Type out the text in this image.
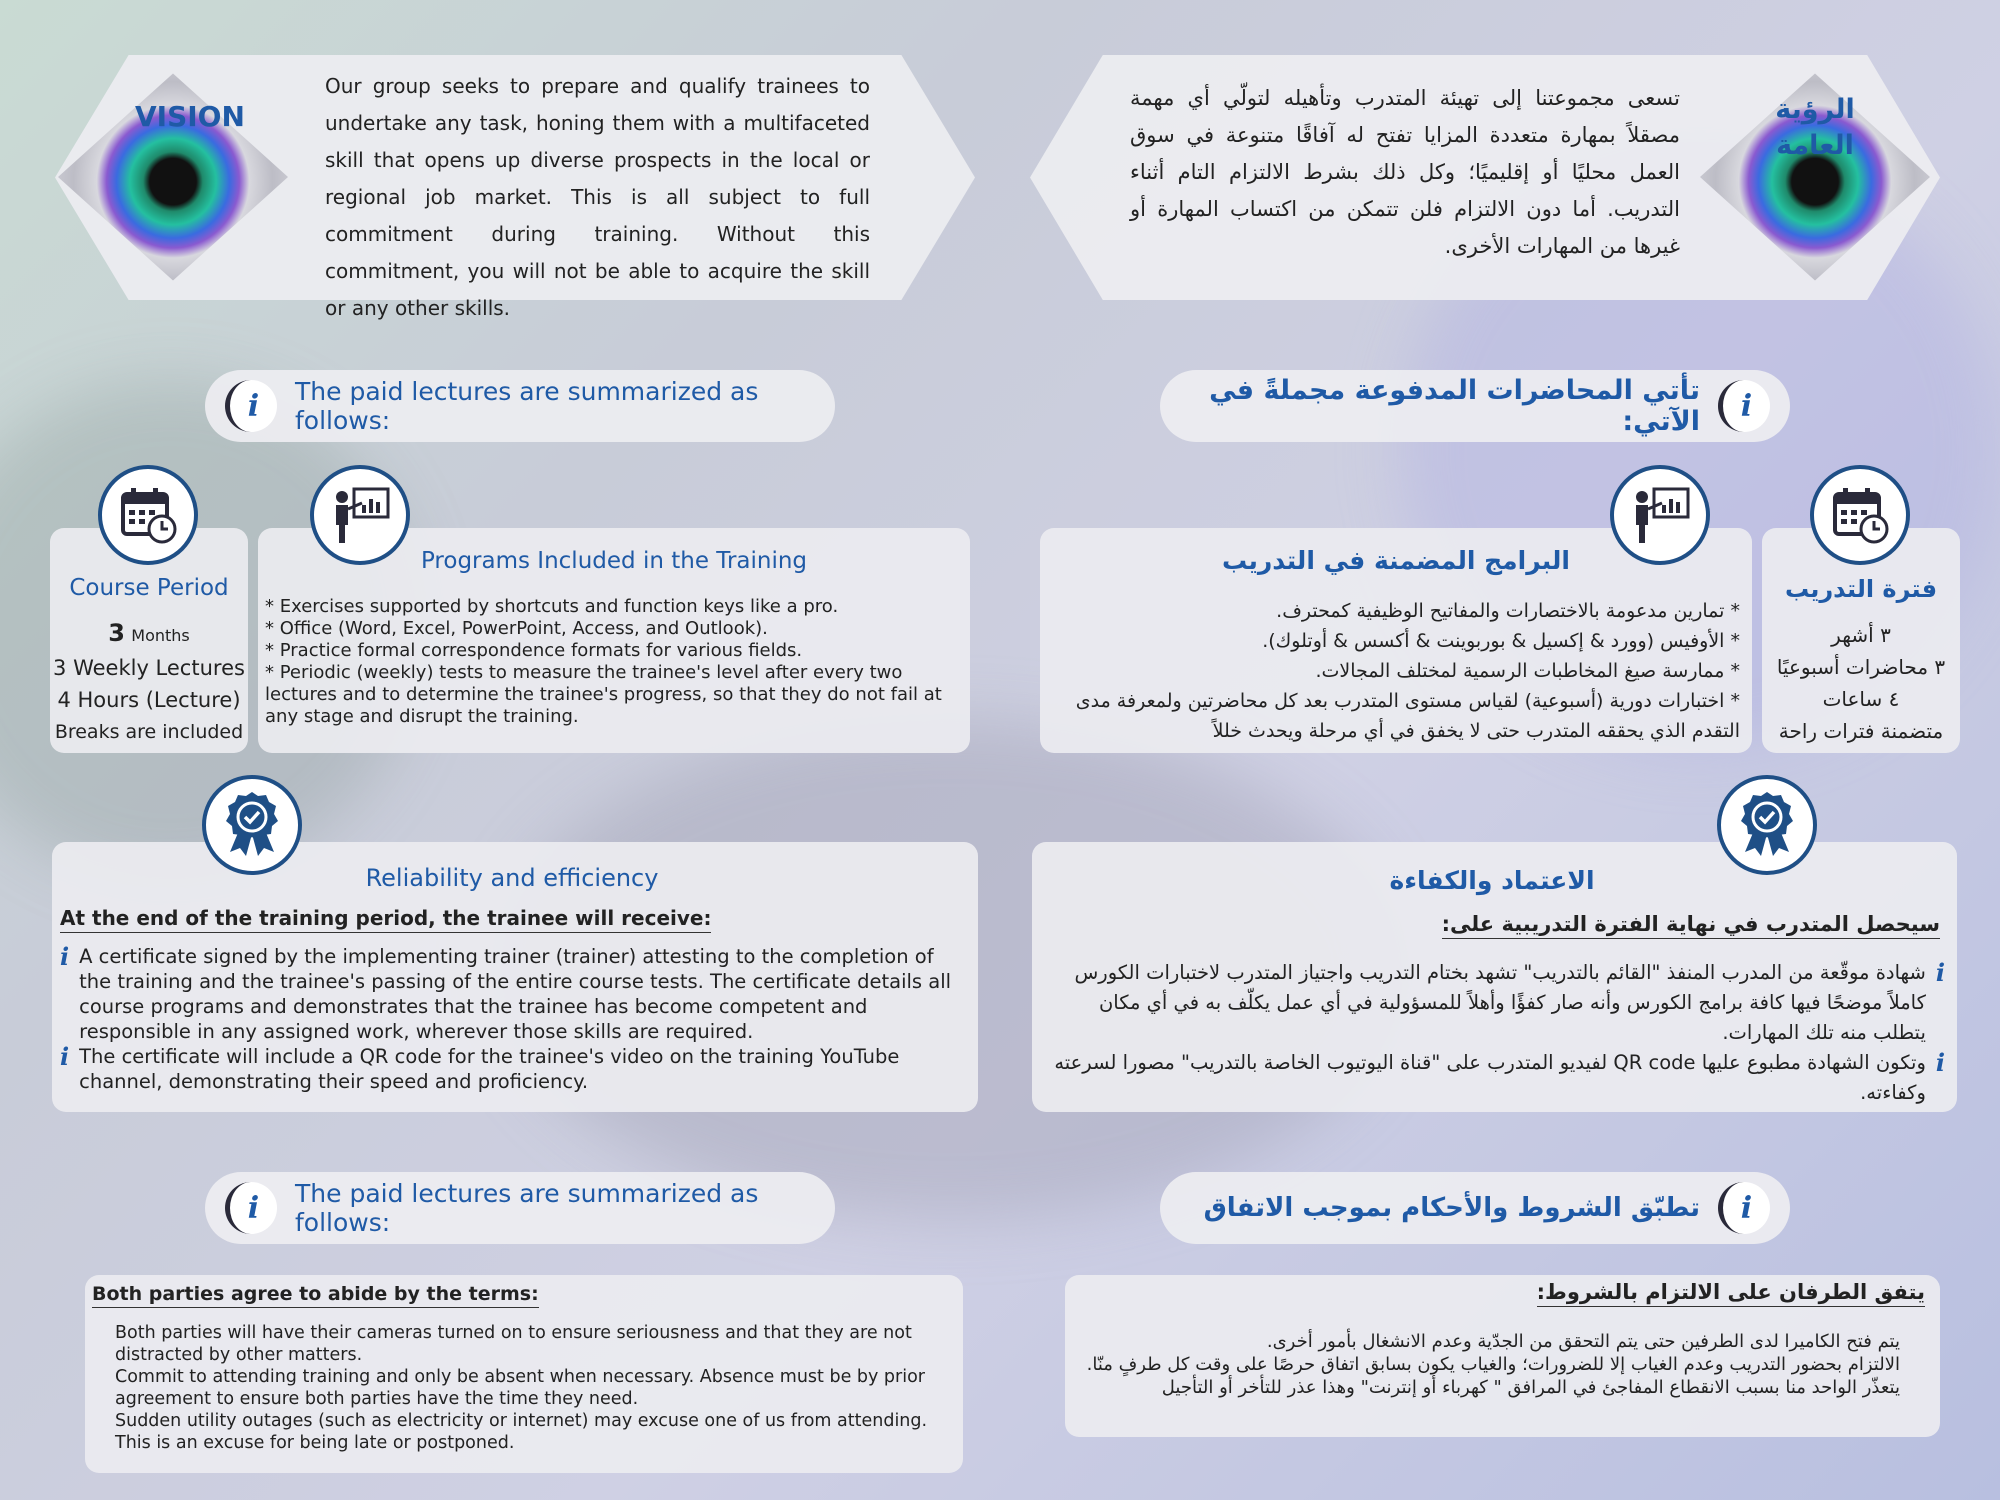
VISION
Our group seeks to prepare and qualify trainees to undertake any task, honing them with a multifaceted skill that opens up diverse prospects in the local or regional job market. This is all subject to full commitment during training. Without this commitment, you will not be able to acquire the skill or any other skills.
الرؤية
العامة
تسعى مجموعتنا إلى تهيئة المتدرب وتأهيله لتولّي أي مهمة مصقلاً بمهارة متعددة المزايا تفتح له آفاقًا متنوعة في سوق العمل محليًا أو إقليميًا؛ وكل ذلك بشرط الالتزام التام أثناء التدريب. أما دون الالتزام فلن تتمكن من اكتساب المهارة أو غيرها من المهارات الأخرى.
i	The paid lectures are summarized as follows:	i
تأتي المحاضرات المدفوعة مجملةً في الآتي:
Course Period
3 Months
3 Weekly Lectures
4 Hours (Lecture)
Breaks are included
Programs Included in the Training
* Exercises supported by shortcuts and function keys like a pro.
* Office (Word, Excel, PowerPoint, Access, and Outlook).
* Practice formal correspondence formats for various fields.
* Periodic (weekly) tests to measure the trainee's level after every two lectures and to determine the trainee's progress, so that they do not fail at any stage and disrupt the training.
البرامج المضمنة في التدريب
* تمارين مدعومة بالاختصارات والمفاتيح الوظيفية كمحترف.
* الأوفيس (وورد & إكسيل & بوربوينت & أكسس & أوتلوك).
* ممارسة صيغ المخاطبات الرسمية لمختلف المجالات.
* اختبارات دورية (أسبوعية) لقياس مستوى المتدرب بعد كل محاضرتين ولمعرفة مدى التقدم الذي يحققه المتدرب حتى لا يخفق في أي مرحلة ويحدث خللاً
فترة التدريب
٣ أشهر
٣ محاضرات أسبوعيًا
٤ ساعات
متضمنة فترات راحة
Reliability and efficiency
At the end of the training period, the trainee will receive:
i A certificate signed by the implementing trainer (trainer) attesting to the completion of the training and the trainee's passing of the entire course tests. The certificate details all course programs and demonstrates that the trainee has become competent and responsible in any assigned work, wherever those skills are required.
i The certificate will include a QR code for the trainee's video on the training YouTube channel, demonstrating their speed and proficiency.
الاعتماد والكفاءة
سيحصل المتدرب في نهاية الفترة التدريبية على:
i
شهادة موقّعة من المدرب المنفذ "القائم بالتدريب" تشهد بختام التدريب واجتياز المتدرب لاختبارات الكورس كاملاً موضحًا فيها كافة برامج الكورس وأنه صار كفؤًا وأهلاً للمسؤولية في أي عمل يكلّف به في أي مكان يتطلب منه تلك المهارات.
i
وتكون الشهادة مطبوع عليها QR code لفيديو المتدرب على "قناة اليوتيوب الخاصة بالتدريب" مصورا لسرعته وكفاءته.
i	The paid lectures are summarized as follows:	i
تطبّق الشروط والأحكام بموجب الاتفاق
Both parties agree to abide by the terms:
Both parties will have their cameras turned on to ensure seriousness and that they are not distracted by other matters.
Commit to attending training and only be absent when necessary. Absence must be by prior agreement to ensure both parties have the time they need.
Sudden utility outages (such as electricity or internet) may excuse one of us from attending. This is an excuse for being late or postponed.
يتفق الطرفان على الالتزام بالشروط:
يتم فتح الكاميرا لدى الطرفين حتى يتم التحقق من الجدّية وعدم الانشغال بأمور أخرى.
الالتزام بحضور التدريب وعدم الغياب إلا للضرورات؛ والغياب يكون بسابق اتفاق حرصًا على وقت كل طرفٍ منّا.
يتعذّر الواحد منا بسبب الانقطاع المفاجئ في المرافق " كهرباء أو إنترنت" وهذا عذر للتأخر أو التأجيل
